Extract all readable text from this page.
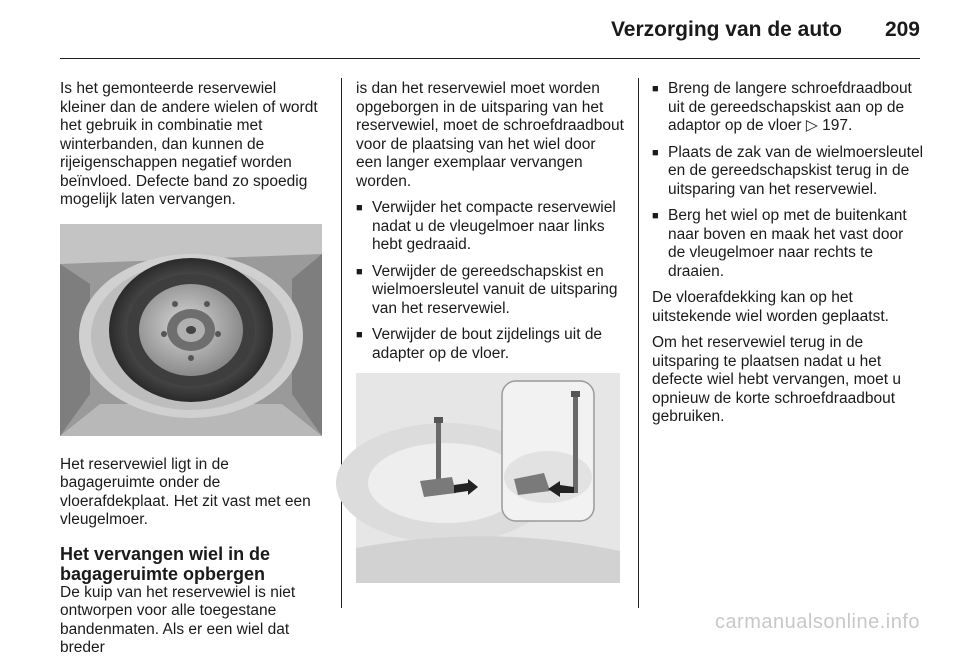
Verzorging van de auto 209

Is het gemonteerde reservewiel kleiner dan de andere wielen of wordt het gebruik in combinatie met winterbanden, dan kunnen de rijeigenschappen negatief worden beïnvloed. Defecte band zo spoedig mogelijk laten vervangen.

Het reservewiel ligt in de bagageruimte onder de vloerafdekplaat. Het zit vast met een vleugelmoer.

Het vervangen wiel in de bagageruimte opbergen

De kuip van het reservewiel is niet ontworpen voor alle toegestane bandenmaten. Als er een wiel dat breder

is dan het reservewiel moet worden opgeborgen in de uitsparing van het reservewiel, moet de schroefdraadbout voor de plaatsing van het wiel door een langer exemplaar vervangen worden.

■ Verwijder het compacte reservewiel nadat u de vleugelmoer naar links hebt gedraaid.
■ Verwijder de gereedschapskist en wielmoersleutel vanuit de uitsparing van het reservewiel.
■ Verwijder de bout zijdelings uit de adapter op de vloer.
■ Breng de langere schroefdraadbout uit de gereedschapskist aan op de adaptor op de vloer ▷ 197.
■ Plaats de zak van de wielmoersleutel en de gereedschapskist terug in de uitsparing van het reservewiel.
■ Berg het wiel op met de buitenkant naar boven en maak het vast door de vleugelmoer naar rechts te draaien.

De vloerafdekking kan op het uitstekende wiel worden geplaatst.

Om het reservewiel terug in de uitsparing te plaatsen nadat u het defecte wiel hebt vervangen, moet u opnieuw de korte schroefdraadbout gebruiken.

carmanualsonline.info
